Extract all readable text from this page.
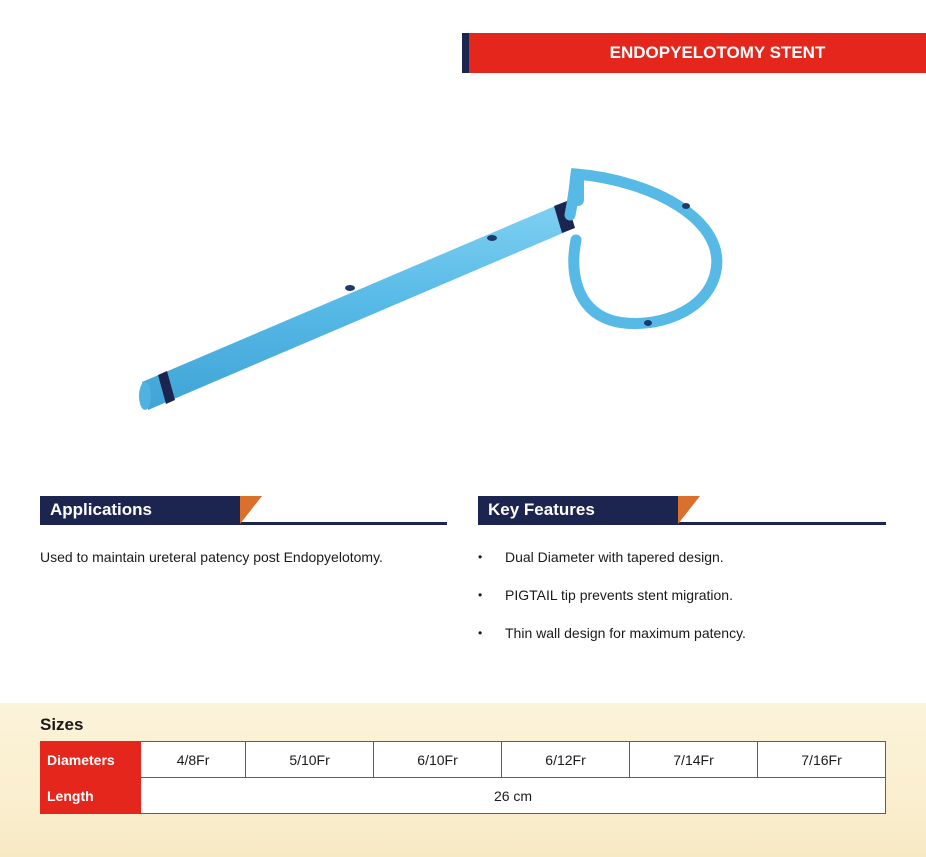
ENDOPYELOTOMY STENT
Applications	Key Features
Used to maintain ureteral patency post Endopyelotomy.	• Dual Diameter with tapered design.
• PIGTAIL tip prevents stent migration.
• Thin wall design for maximum patency.
Sizes
Diameters	4/8Fr	5/10Fr	6/10Fr	6/12Fr	7/14Fr	7/16Fr
Length	26 cm					
